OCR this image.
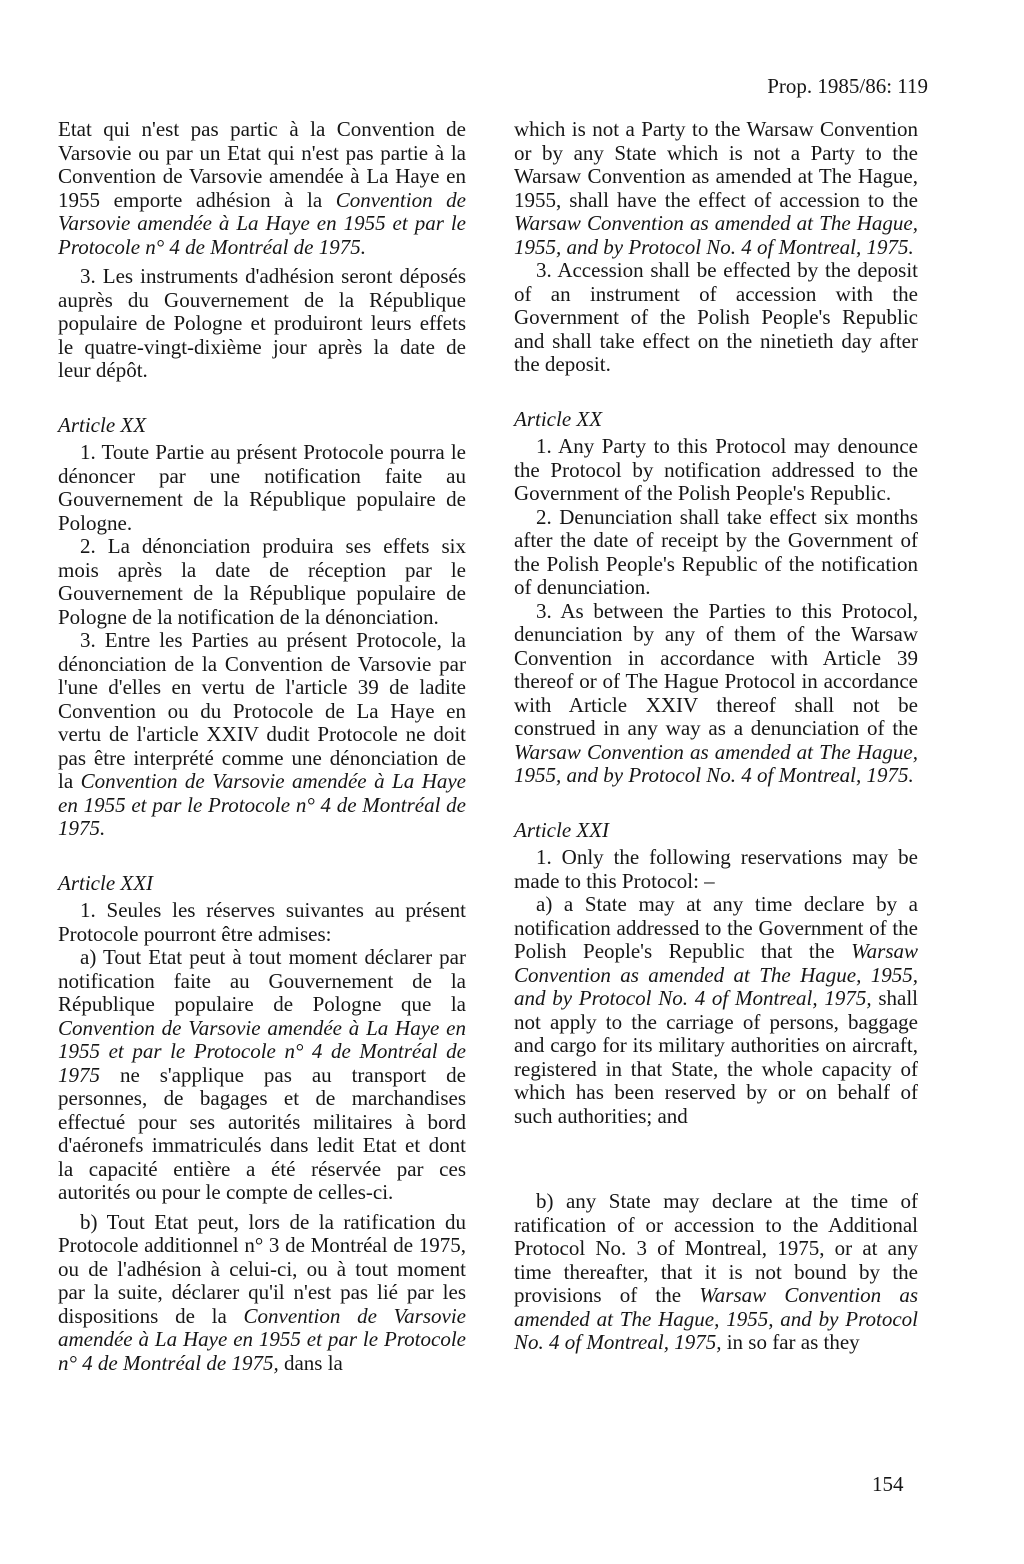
Prop. 1985/86: 119

Etat qui n'est pas partic à la Convention de Varsovie ou par un Etat qui n'est pas partie à la Convention de Varsovie amendée à La Haye en 1955 emporte adhésion à la Convention de Varsovie amendée à La Haye en 1955 et par le Protocole n° 4 de Montréal de 1975.

3. Les instruments d'adhésion seront déposés auprès du Gouvernement de la République populaire de Pologne et produiront leurs effets le quatre-vingt-dixième jour après la date de leur dépôt.

Article XX

1. Toute Partie au présent Protocole pourra le dénoncer par une notification faite au Gouvernement de la République populaire de Pologne.

2. La dénonciation produira ses effets six mois après la date de réception par le Gouvernement de la République populaire de Pologne de la notification de la dénonciation.

3. Entre les Parties au présent Protocole, la dénonciation de la Convention de Varsovie par l'une d'elles en vertu de l'article 39 de ladite Convention ou du Protocole de La Haye en vertu de l'article XXIV dudit Protocole ne doit pas être interprété comme une dénonciation de la Convention de Varsovie amendée à La Haye en 1955 et par le Protocole n° 4 de Montréal de 1975.

Article XXI

1. Seules les réserves suivantes au présent Protocole pourront être admises:

a) Tout Etat peut à tout moment déclarer par notification faite au Gouvernement de la République populaire de Pologne que la Convention de Varsovie amendée à La Haye en 1955 et par le Protocole n° 4 de Montréal de 1975 ne s'applique pas au transport de personnes, de bagages et de marchandises effectué pour ses autorités militaires à bord d'aéronefs immatriculés dans ledit Etat et dont la capacité entière a été réservée par ces autorités ou pour le compte de celles-ci.

b) Tout Etat peut, lors de la ratification du Protocole additionnel n° 3 de Montréal de 1975, ou de l'adhésion à celui-ci, ou à tout moment par la suite, déclarer qu'il n'est pas lié par les dispositions de la Convention de Varsovie amendée à La Haye en 1955 et par le Protocole n° 4 de Montréal de 1975, dans la

which is not a Party to the Warsaw Convention or by any State which is not a Party to the Warsaw Convention as amended at The Hague, 1955, shall have the effect of accession to the Warsaw Convention as amended at The Hague, 1955, and by Protocol No. 4 of Montreal, 1975.

3. Accession shall be effected by the deposit of an instrument of accession with the Government of the Polish People's Republic and shall take effect on the ninetieth day after the deposit.

Article XX

1. Any Party to this Protocol may denounce the Protocol by notification addressed to the Government of the Polish People's Republic.

2. Denunciation shall take effect six months after the date of receipt by the Government of the Polish People's Republic of the notification of denunciation.

3. As between the Parties to this Protocol, denunciation by any of them of the Warsaw Convention in accordance with Article 39 thereof or of The Hague Protocol in accordance with Article XXIV thereof shall not be construed in any way as a denunciation of the Warsaw Convention as amended at The Hague, 1955, and by Protocol No. 4 of Montreal, 1975.

Article XXI

1. Only the following reservations may be made to this Protocol: –

a) a State may at any time declare by a notification addressed to the Government of the Polish People's Republic that the Warsaw Convention as amended at The Hague, 1955, and by Protocol No. 4 of Montreal, 1975, shall not apply to the carriage of persons, baggage and cargo for its military authorities on aircraft, registered in that State, the whole capacity of which has been reserved by or on behalf of such authorities; and

b) any State may declare at the time of ratification of or accession to the Additional Protocol No. 3 of Montreal, 1975, or at any time thereafter, that it is not bound by the provisions of the Warsaw Convention as amended at The Hague, 1955, and by Protocol No. 4 of Montreal, 1975, in so far as they

154
